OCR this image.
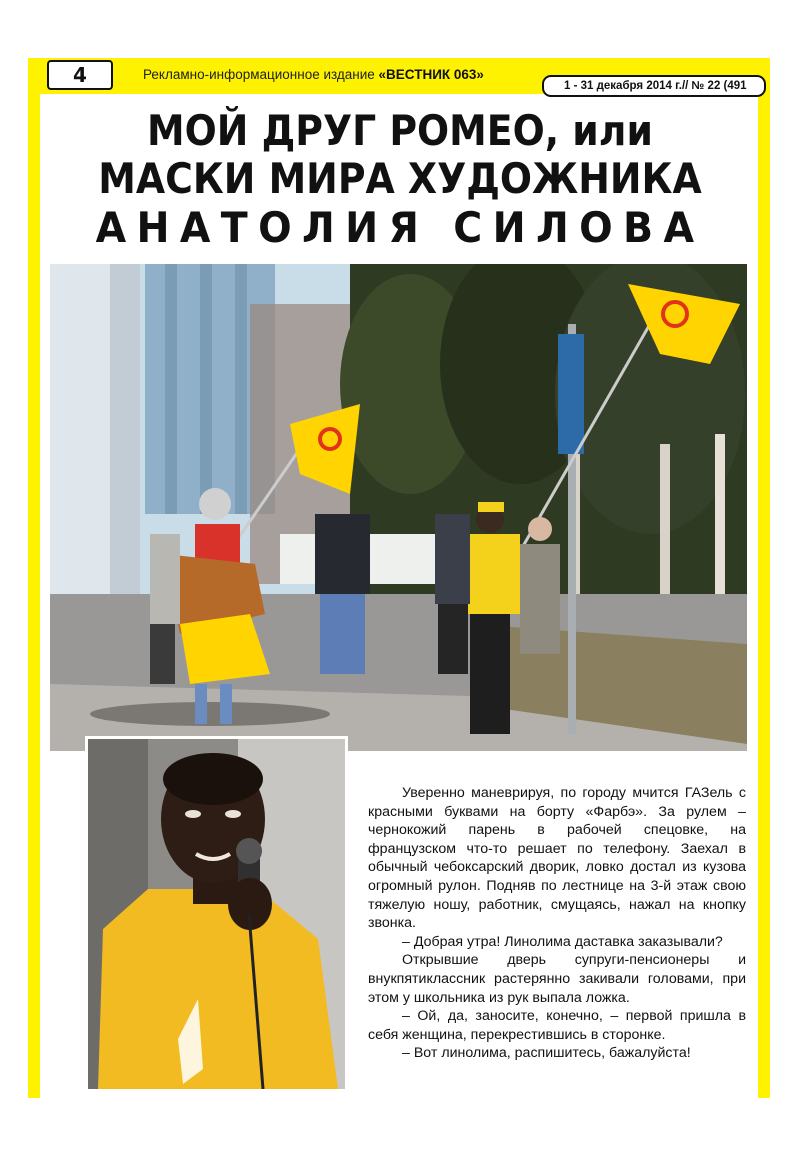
4	Рекламно-информационное издание «ВЕСТНИК 063»
1 - 31 декабря 2014 г.// № 22 (491
МОЙ ДРУГ РОМЕО, или
МАСКИ МИРА ХУДОЖНИКА
АНАТОЛИЯ СИЛОВА

Уверенно маневрируя, по городу мчится ГАЗель с красными буквами на борту «Фарбэ». За рулем – чернокожий парень в рабочей спецовке, на французском что-то решает по телефону. Заехал в обычный чебоксарский дворик, ловко достал из кузова огромный рулон. Подняв по лестнице на 3-й этаж свою тяжелую ношу, работник, смущаясь, нажал на кнопку звонка.

– Добрая утра! Линолима даставка заказывали?

Открывшие дверь супруги-пенсионеры и внукпятиклассник растерянно закивали головами, при этом у школьника из рук выпала ложка.

– Ой, да, заносите, конечно, – первой пришла в себя женщина, перекрестившись в сторонке.

– Вот линолима, распишитесь, бажалуйста!
